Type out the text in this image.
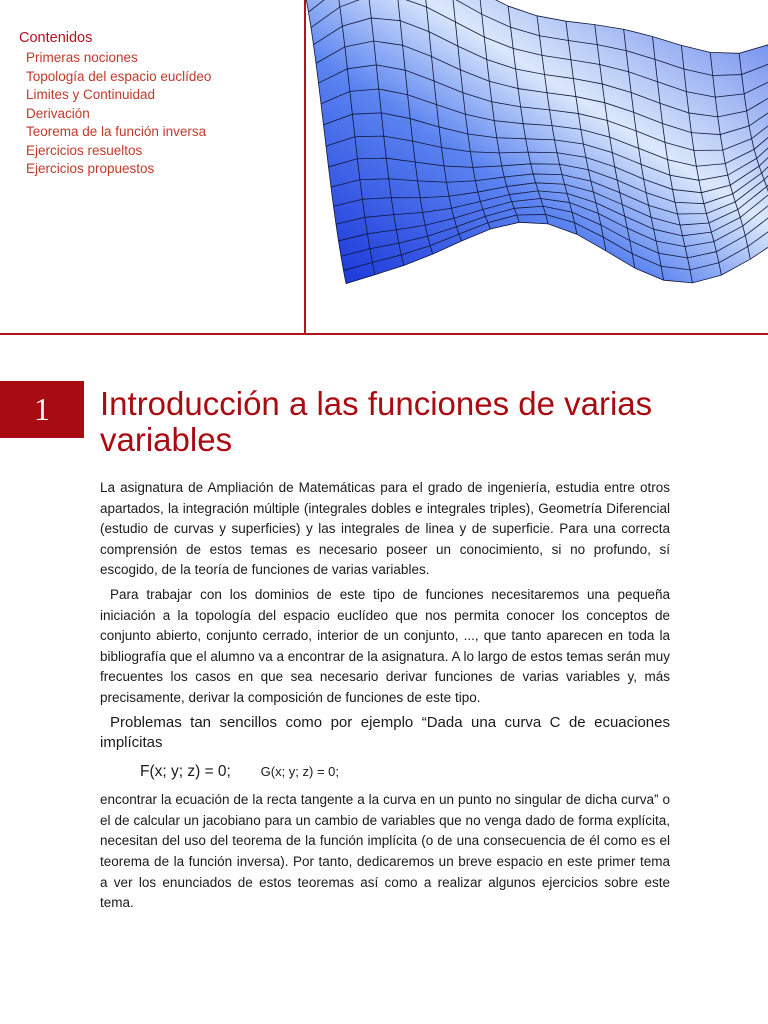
Contenidos
Primeras nociones
Topología del espacio euclídeo
Limites y Continuidad
Derivación
Teorema de la función inversa
Ejercicios resueltos
Ejercicios propuestos
1 Introducción a las funciones de varias variables

La asignatura de Ampliación de Matemáticas para el grado de ingeniería, estudia entre otros apartados, la integración múltiple (integrales dobles e integrales triples), Geometría Diferencial (estudio de curvas y superficies) y las integrales de linea y de superficie. Para una correcta comprensión de estos temas es necesario poseer un conocimiento, si no profundo, sí escogido, de la teoría de funciones de varias variables.

Para trabajar con los dominios de este tipo de funciones necesitaremos una pequeña iniciación a la topología del espacio euclídeo que nos permita conocer los conceptos de conjunto abierto, conjunto cerrado, interior de un conjunto, ..., que tanto aparecen en toda la bibliografía que el alumno va a encontrar de la asignatura. A lo largo de estos temas serán muy frecuentes los casos en que sea necesario derivar funciones de varias variables y, más precisamente, derivar la composición de funciones de este tipo.

Problemas tan sencillos como por ejemplo “Dada una curva C de ecuaciones implícitas

F(x; y; z) = 0; G(x; y; z) = 0;

encontrar la ecuación de la recta tangente a la curva en un punto no singular de dicha curva” o el de calcular un jacobiano para un cambio de variables que no venga dado de forma explícita, necesitan del uso del teorema de la función implícita (o de una consecuencia de él como es el teorema de la función inversa). Por tanto, dedicaremos un breve espacio en este primer tema a ver los enunciados de estos teoremas así como a realizar algunos ejercicios sobre este tema.
